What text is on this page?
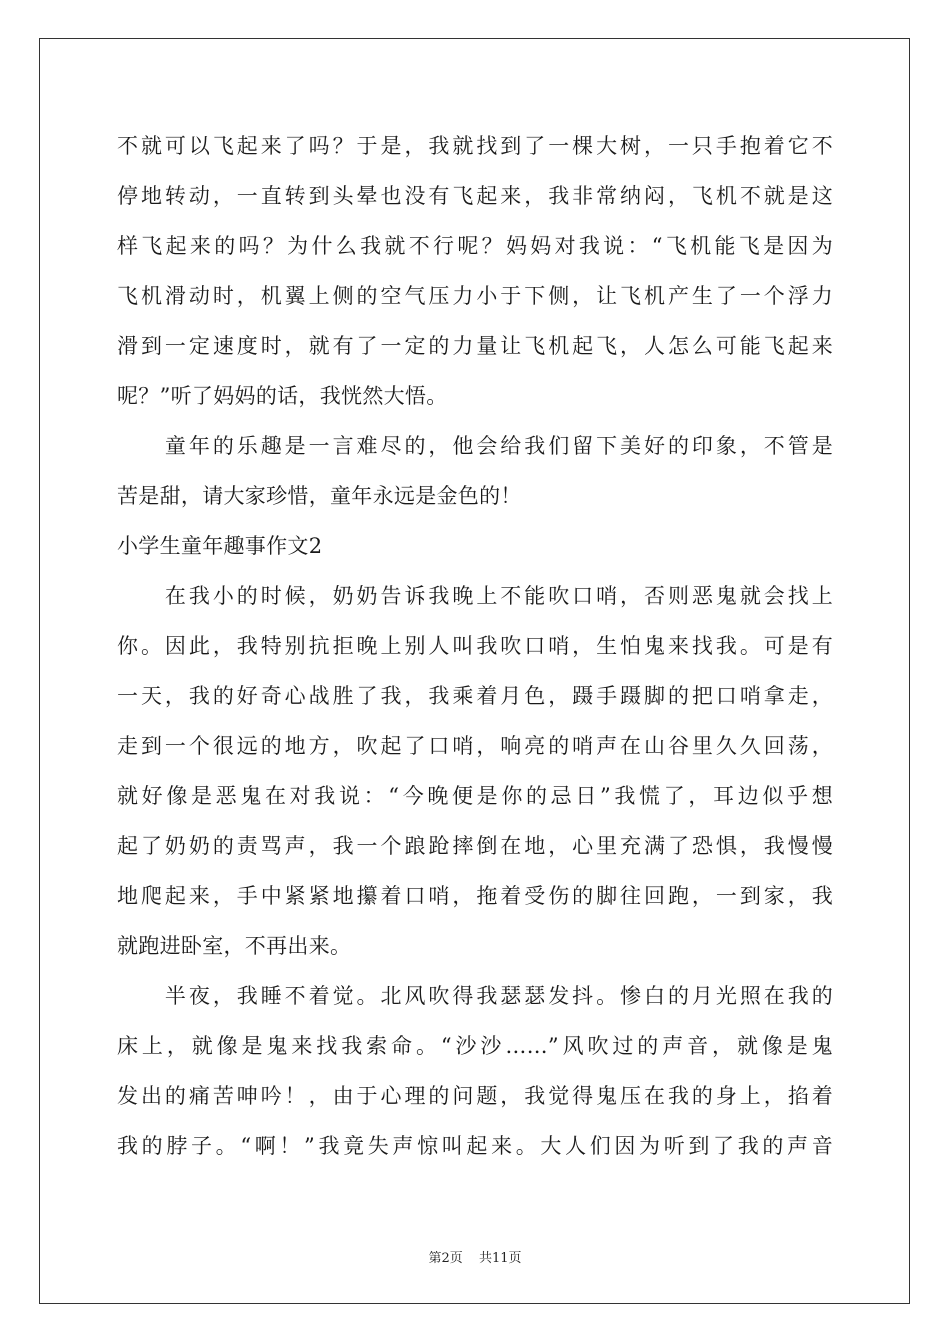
不就可以飞起来了吗？于是，我就找到了一棵大树，一只手抱着它不
停地转动，一直转到头晕也没有飞起来，我非常纳闷，飞机不就是这
样飞起来的吗？为什么我就不行呢？妈妈对我说：“飞机能飞是因为
飞机滑动时，机翼上侧的空气压力小于下侧，让飞机产生了一个浮力
滑到一定速度时，就有了一定的力量让飞机起飞，人怎么可能飞起来
呢？”听了妈妈的话，我恍然大悟。
　　童年的乐趣是一言难尽的，他会给我们留下美好的印象，不管是
苦是甜，请大家珍惜，童年永远是金色的！
小学生童年趣事作文2
　　在我小的时候，奶奶告诉我晚上不能吹口哨，否则恶鬼就会找上
你。因此，我特别抗拒晚上别人叫我吹口哨，生怕鬼来找我。可是有
一天，我的好奇心战胜了我，我乘着月色，蹑手蹑脚的把口哨拿走，
走到一个很远的地方，吹起了口哨，响亮的哨声在山谷里久久回荡，
就好像是恶鬼在对我说：“今晚便是你的忌日”我慌了，耳边似乎想
起了奶奶的责骂声，我一个踉跄摔倒在地，心里充满了恐惧，我慢慢
地爬起来，手中紧紧地攥着口哨，拖着受伤的脚往回跑，一到家，我
就跑进卧室，不再出来。
　　半夜，我睡不着觉。北风吹得我瑟瑟发抖。惨白的月光照在我的
床上，就像是鬼来找我索命。“沙沙……”风吹过的声音，就像是鬼
发出的痛苦呻吟！，由于心理的问题，我觉得鬼压在我的身上，掐着
我的脖子。“啊！”我竟失声惊叫起来。大人们因为听到了我的声音
第2页 共11页
